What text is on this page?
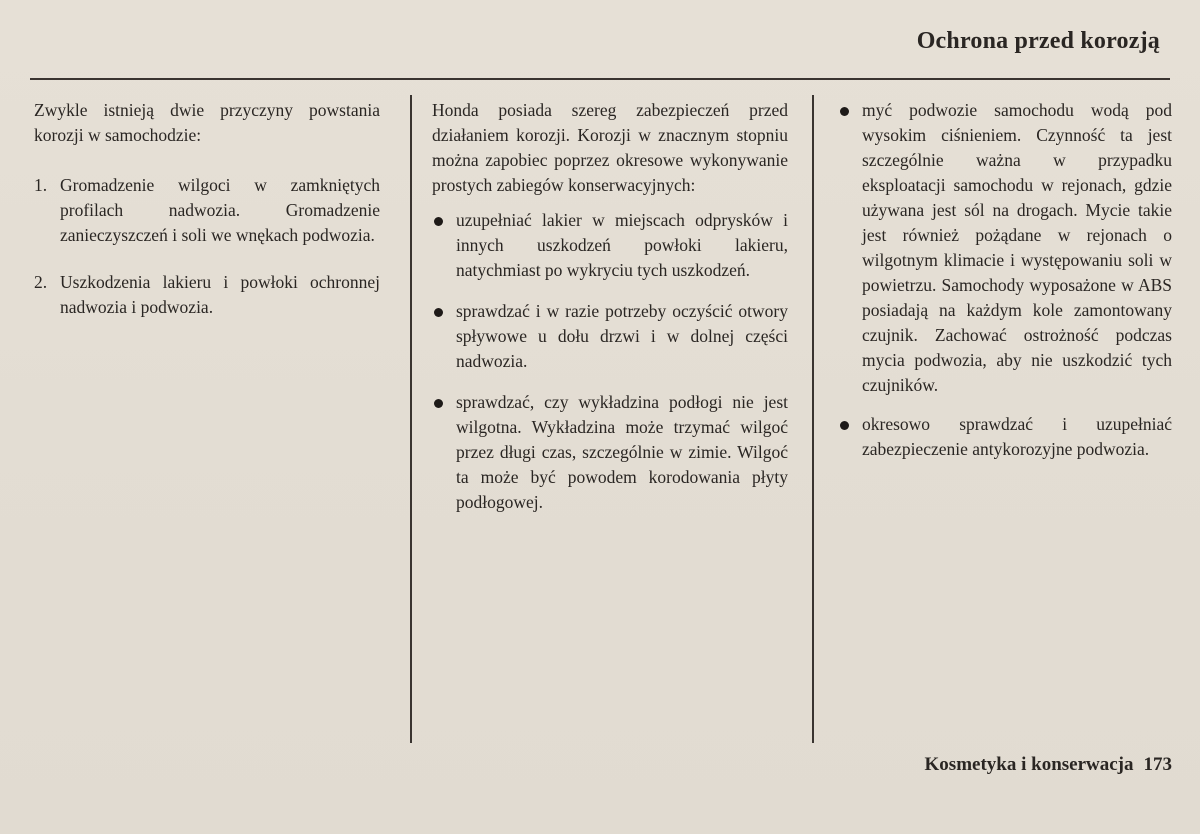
Ochrona przed korozją

Zwykle istnieją dwie przyczyny powstania korozji w samochodzie:

1. Gromadzenie wilgoci w zamkniętych profilach nadwozia. Gromadzenie zanieczyszczeń i soli we wnękach podwozia.
2. Uszkodzenia lakieru i powłoki ochronnej nadwozia i podwozia.

Honda posiada szereg zabezpieczeń przed działaniem korozji. Korozji w znacznym stopniu można zapobiec poprzez okresowe wykonywanie prostych zabiegów konserwacyjnych:

uzupełniać lakier w miejscach odprysków i innych uszkodzeń powłoki lakieru, natychmiast po wykryciu tych uszkodzeń.
sprawdzać i w razie potrzeby oczyścić otwory spływowe u dołu drzwi i w dolnej części nadwozia.
sprawdzać, czy wykładzina podłogi nie jest wilgotna. Wykładzina może trzymać wilgoć przez długi czas, szczególnie w zimie. Wilgoć ta może być powodem korodowania płyty podłogowej.
myć podwozie samochodu wodą pod wysokim ciśnieniem. Czynność ta jest szczególnie ważna w przypadku eksploatacji samochodu w rejonach, gdzie używana jest sól na drogach. Mycie takie jest również pożądane w rejonach o wilgotnym klimacie i występowaniu soli w powietrzu. Samochody wyposażone w ABS posiadają na każdym kole zamontowany czujnik. Zachować ostrożność podczas mycia podwozia, aby nie uszkodzić tych czujników.
okresowo sprawdzać i uzupełniać zabezpieczenie antykorozyjne podwozia.
Kosmetyka i konserwacja 173
